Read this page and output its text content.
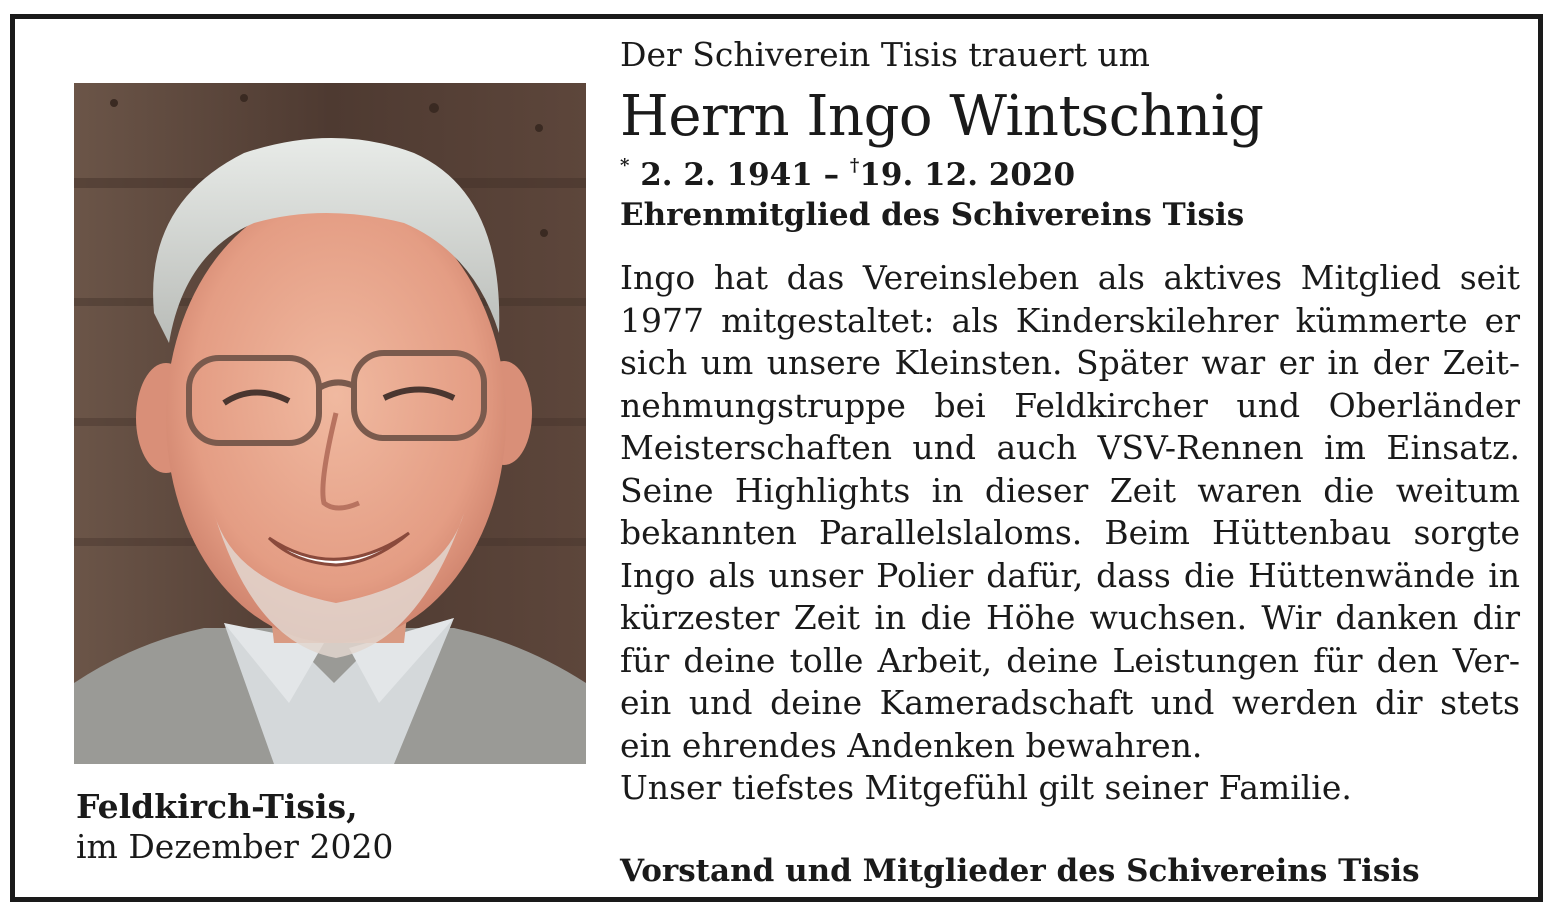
Feldkirch-Tisis,
im Dezember 2020
Der Schiverein Tisis trauert um
Herrn Ingo Wintschnig
* 2. 2. 1941 – †19. 12. 2020
Ehrenmitglied des Schivereins Tisis
Ingo hat das Vereinsleben als aktives Mitglied seit
1977 mitgestaltet: als Kinderskilehrer kümmerte er
sich um unsere Kleinsten. Später war er in der Zeit-
nehmungstruppe bei Feldkircher und Oberländer
Meisterschaften und auch VSV-Rennen im Einsatz.
Seine Highlights in dieser Zeit waren die weitum
bekannten Parallelslaloms. Beim Hüttenbau sorgte
Ingo als unser Polier dafür, dass die Hüttenwände in
kürzester Zeit in die Höhe wuchsen. Wir danken dir
für deine tolle Arbeit, deine Leistungen für den Ver-
ein und deine Kameradschaft und werden dir stets
ein ehrendes Andenken bewahren.
Unser tiefstes Mitgefühl gilt seiner Familie.
Vorstand und Mitglieder des Schivereins Tisis
